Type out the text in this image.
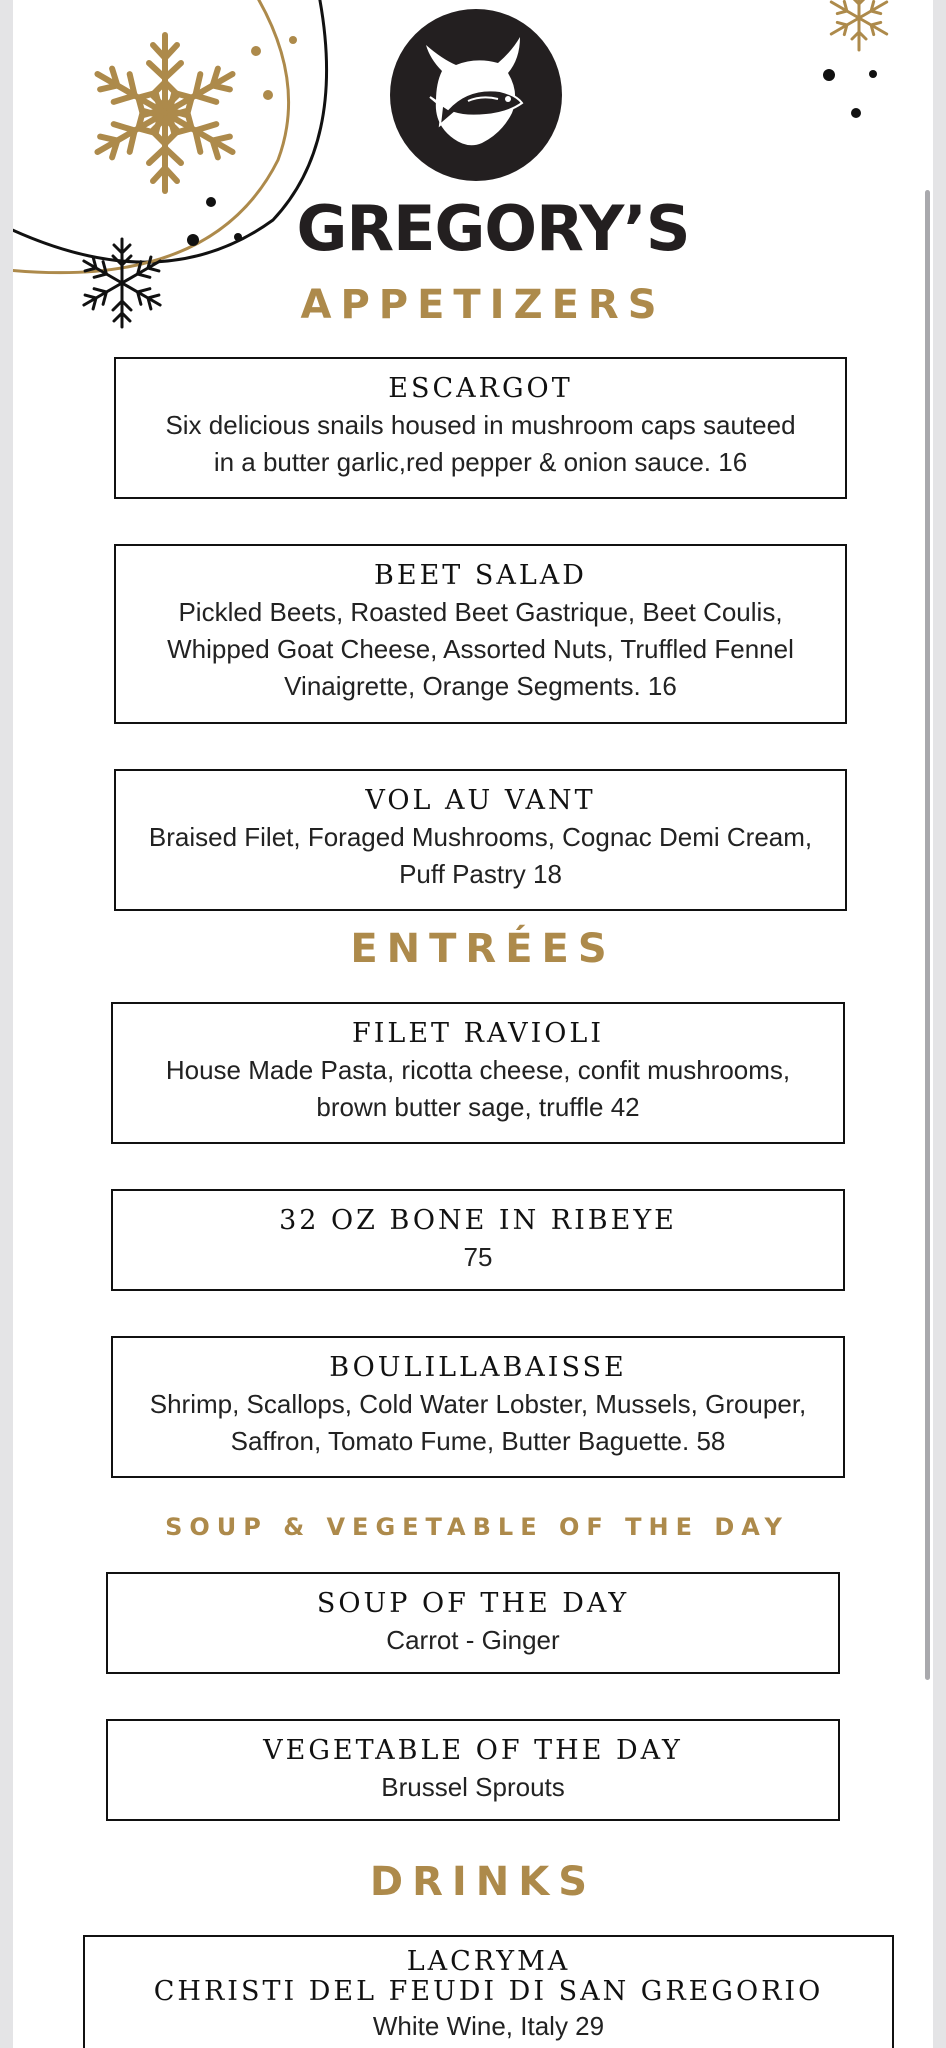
GREGORY’S
APPETIZERS
ESCARGOT
Six delicious snails housed in mushroom caps sauteed
in a butter garlic,red pepper & onion sauce. 16
BEET SALAD
Pickled Beets, Roasted Beet Gastrique, Beet Coulis,
Whipped Goat Cheese, Assorted Nuts, Truffled Fennel
Vinaigrette, Orange Segments. 16
VOL AU VANT
Braised Filet, Foraged Mushrooms, Cognac Demi Cream,
Puff Pastry 18
ENTRÉES
FILET RAVIOLI
House Made Pasta, ricotta cheese, confit mushrooms,
brown butter sage, truffle 42
32 OZ BONE IN RIBEYE
75
BOULILLABAISSE
Shrimp, Scallops, Cold Water Lobster, Mussels, Grouper,
Saffron, Tomato Fume, Butter Baguette. 58
SOUP & VEGETABLE OF THE DAY
SOUP OF THE DAY
Carrot - Ginger
VEGETABLE OF THE DAY
Brussel Sprouts
DRINKS
LACRYMA
CHRISTI DEL FEUDI DI SAN GREGORIO
White Wine, Italy 29
